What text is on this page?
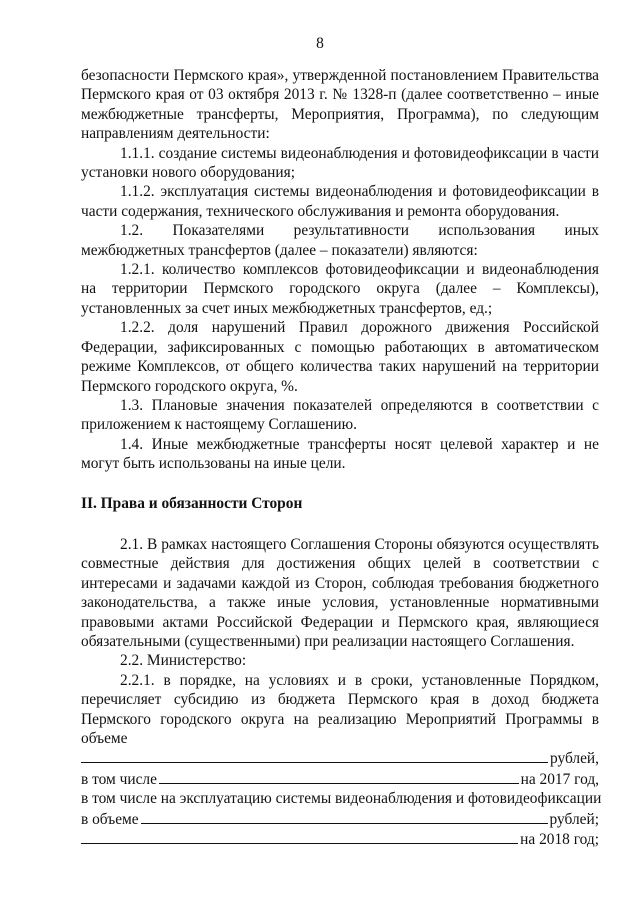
8

безопасности Пермского края», утвержденной постановлением Правительства Пермского края от 03 октября 2013 г. № 1328-п (далее соответственно – иные межбюджетные трансферты, Мероприятия, Программа), по следующим направлениям деятельности:

1.1.1. создание системы видеонаблюдения и фотовидеофиксации в части установки нового оборудования;

1.1.2. эксплуатация системы видеонаблюдения и фотовидеофиксации в части содержания, технического обслуживания и ремонта оборудования.

1.2. Показателями результативности использования иных межбюджетных трансфертов (далее – показатели) являются:

1.2.1. количество комплексов фотовидеофиксации и видеонаблюдения на территории Пермского городского округа (далее – Комплексы), установленных за счет иных межбюджетных трансфертов, ед.;

1.2.2. доля нарушений Правил дорожного движения Российской Федерации, зафиксированных с помощью работающих в автоматическом режиме Комплексов, от общего количества таких нарушений на территории Пермского городского округа, %.

1.3. Плановые значения показателей определяются в соответствии с приложением к настоящему Соглашению.

1.4. Иные межбюджетные трансферты носят целевой характер и не могут быть использованы на иные цели.

II. Права и обязанности Сторон

2.1. В рамках настоящего Соглашения Стороны обязуются осуществлять совместные действия для достижения общих целей в соответствии с интересами и задачами каждой из Сторон, соблюдая требования бюджетного законодательства, а также иные условия, установленные нормативными правовыми актами Российской Федерации и Пермского края, являющиеся обязательными (существенными) при реализации настоящего Соглашения.

2.2. Министерство:

2.2.1. в порядке, на условиях и в сроки, установленные Порядком, перечисляет субсидию из бюджета Пермского края в доход бюджета Пермского городского округа на реализацию Мероприятий Программы в объеме

рублей,
в том числе	на 2017 год,
в том числе на эксплуатацию системы видеонаблюдения и фотовидеофиксации
в объеме	рублей;
на 2018 год;
